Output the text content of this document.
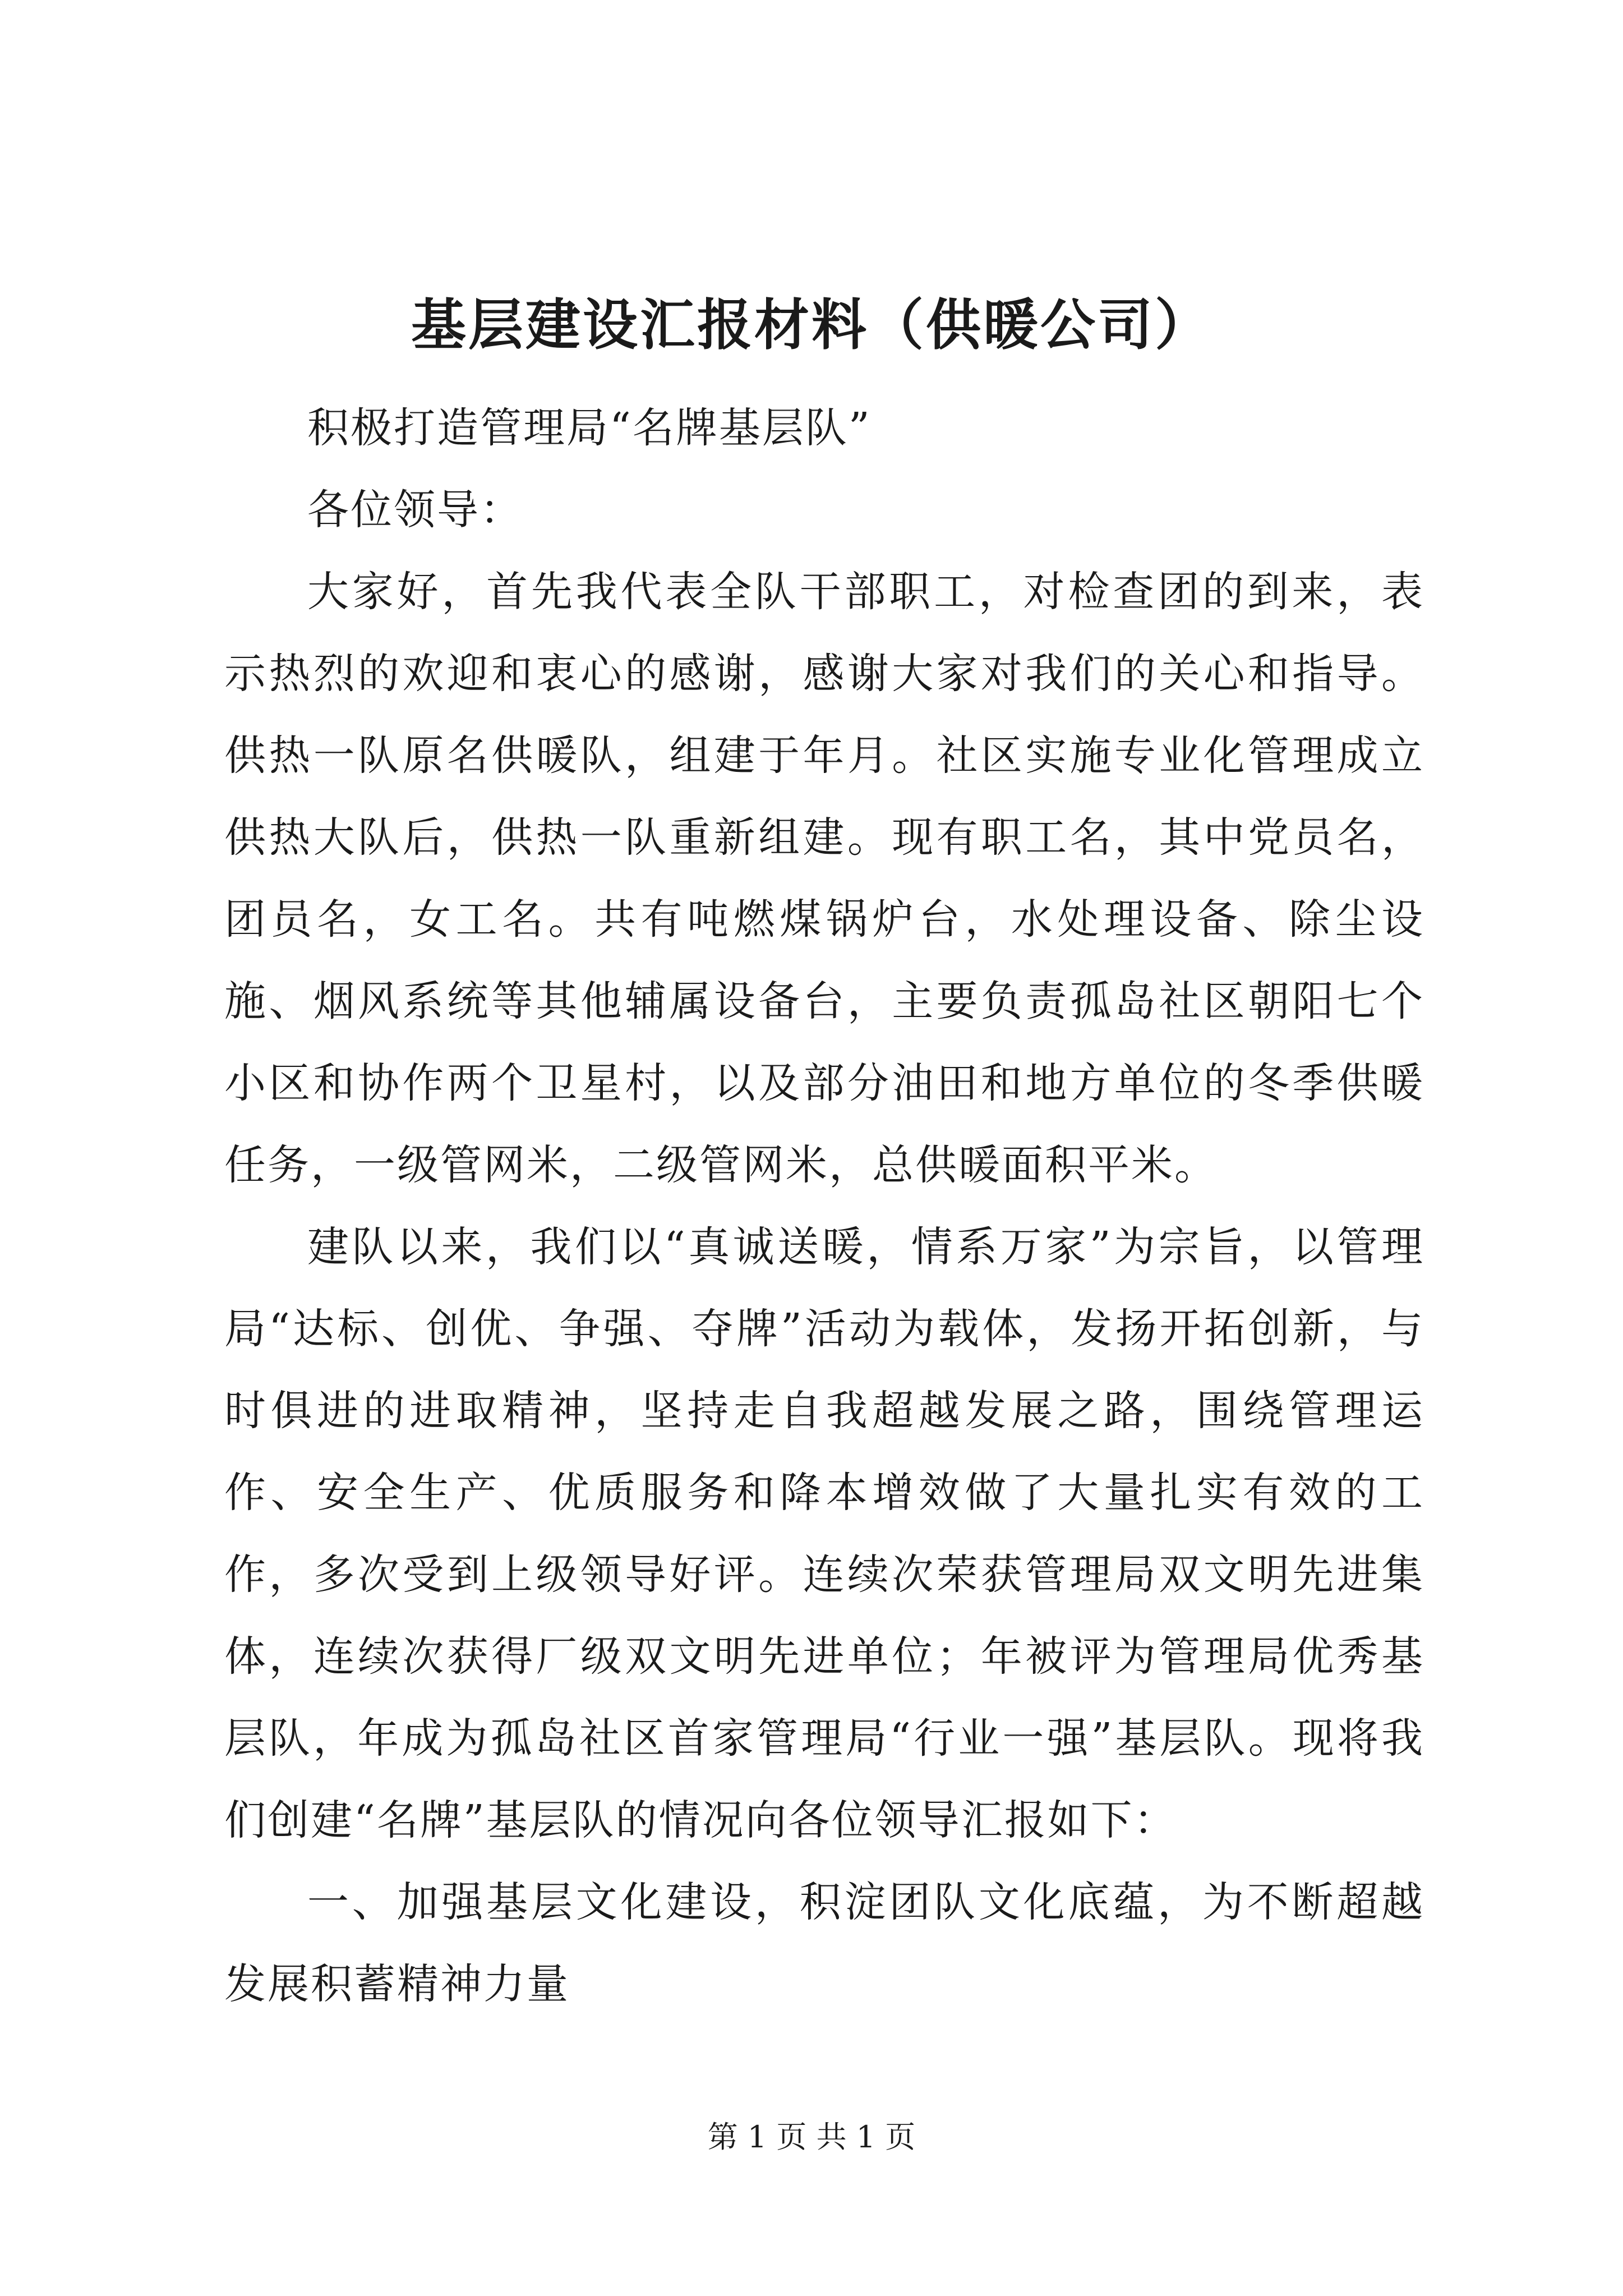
基层建设汇报材料（供暖公司）

积极打造管理局“名牌基层队”

各位领导：

大家好，首先我代表全队干部职工，对检查团的到来，表示热烈的欢迎和衷心的感谢，感谢大家对我们的关心和指导。供热一队原名供暖队，组建于年月。社区实施专业化管理成立供热大队后，供热一队重新组建。现有职工名，其中党员名，团员名，女工名。共有吨燃煤锅炉台，水处理设备、除尘设施、烟风系统等其他辅属设备台，主要负责孤岛社区朝阳七个小区和协作两个卫星村，以及部分油田和地方单位的冬季供暖任务，一级管网米，二级管网米，总供暖面积平米。

建队以来，我们以“真诚送暖，情系万家”为宗旨，以管理局“达标、创优、争强、夺牌”活动为载体，发扬开拓创新，与时俱进的进取精神，坚持走自我超越发展之路，围绕管理运作、安全生产、优质服务和降本增效做了大量扎实有效的工作，多次受到上级领导好评。连续次荣获管理局双文明先进集体，连续次获得厂级双文明先进单位；年被评为管理局优秀基层队，年成为孤岛社区首家管理局“行业一强”基层队。现将我们创建“名牌”基层队的情况向各位领导汇报如下：

一、加强基层文化建设，积淀团队文化底蕴，为不断超越发展积蓄精神力量

第 1 页 共 1 页
